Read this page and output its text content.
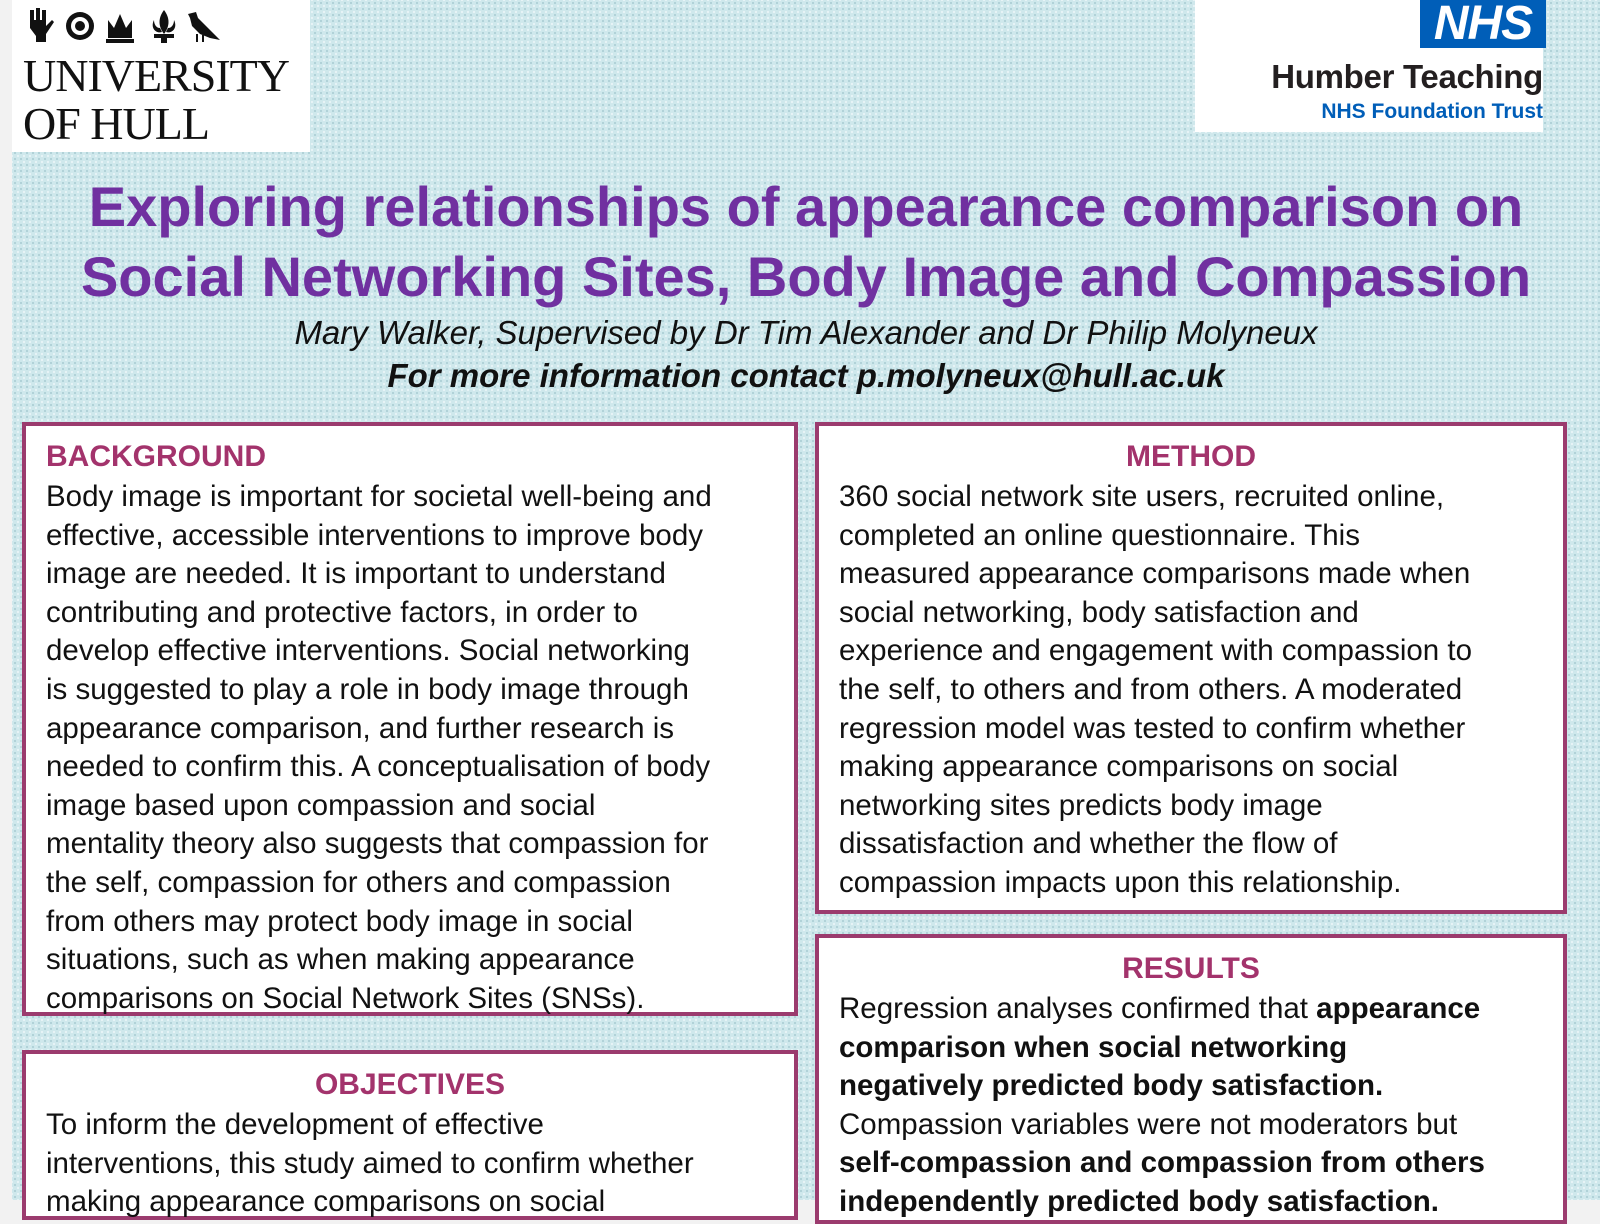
UNIVERSITY
OF HULL
NHS
Humber Teaching
NHS Foundation Trust
Exploring relationships of appearance comparison on
Social Networking Sites, Body Image and Compassion
Mary Walker, Supervised by Dr Tim Alexander and Dr Philip Molyneux
For more information contact p.molyneux@hull.ac.uk
BACKGROUND

Body image is important for societal well-being and
effective, accessible interventions to improve body
image are needed. It is important to understand
contributing and protective factors, in order to
develop effective interventions. Social networking
is suggested to play a role in body image through
appearance comparison, and further research is
needed to confirm this. A conceptualisation of body
image based upon compassion and social
mentality theory also suggests that compassion for
the self, compassion for others and compassion
from others may protect body image in social
situations, such as when making appearance
comparisons on Social Network Sites (SNSs).

METHOD

360 social network site users, recruited online,
completed an online questionnaire. This
measured appearance comparisons made when
social networking, body satisfaction and
experience and engagement with compassion to
the self, to others and from others. A moderated
regression model was tested to confirm whether
making appearance comparisons on social
networking sites predicts body image
dissatisfaction and whether the flow of
compassion impacts upon this relationship.

OBJECTIVES

To inform the development of effective
interventions, this study aimed to confirm whether
making appearance comparisons on social

RESULTS

Regression analyses confirmed that appearance
comparison when social networking
negatively predicted body satisfaction.
Compassion variables were not moderators but
self-compassion and compassion from others
independently predicted body satisfaction.
